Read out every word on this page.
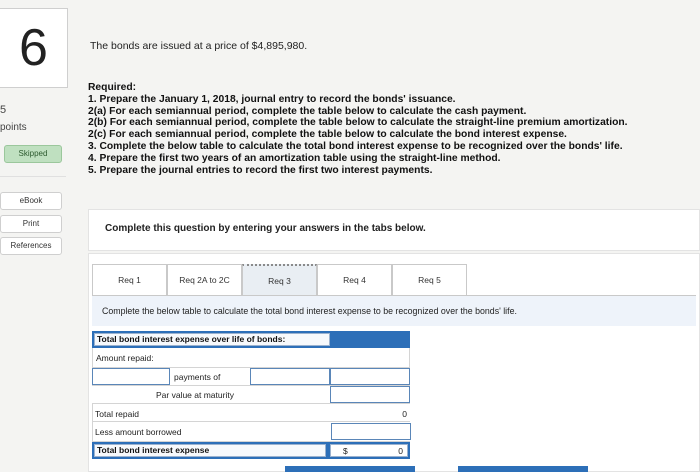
6
5
points
Skipped
eBook
Print
References
The bonds are issued at a price of $4,895,980.
Required:
1. Prepare the January 1, 2018, journal entry to record the bonds' issuance.
2(a) For each semiannual period, complete the table below to calculate the cash payment.
2(b) For each semiannual period, complete the table below to calculate the straight-line premium amortization.
2(c) For each semiannual period, complete the table below to calculate the bond interest expense.
3. Complete the below table to calculate the total bond interest expense to be recognized over the bonds' life.
4. Prepare the first two years of an amortization table using the straight-line method.
5. Prepare the journal entries to record the first two interest payments.
Complete this question by entering your answers in the tabs below.
Req 1	Req 2A to 2C	Req 3	Req 4	Req 5
Complete the below table to calculate the total bond interest expense to be recognized over the bonds' life.
Total bond interest expense over life of bonds:
Amount repaid:
payments of
Par value at maturity
Total repaid	0
Less amount borrowed
Total bond interest expense	$	0
